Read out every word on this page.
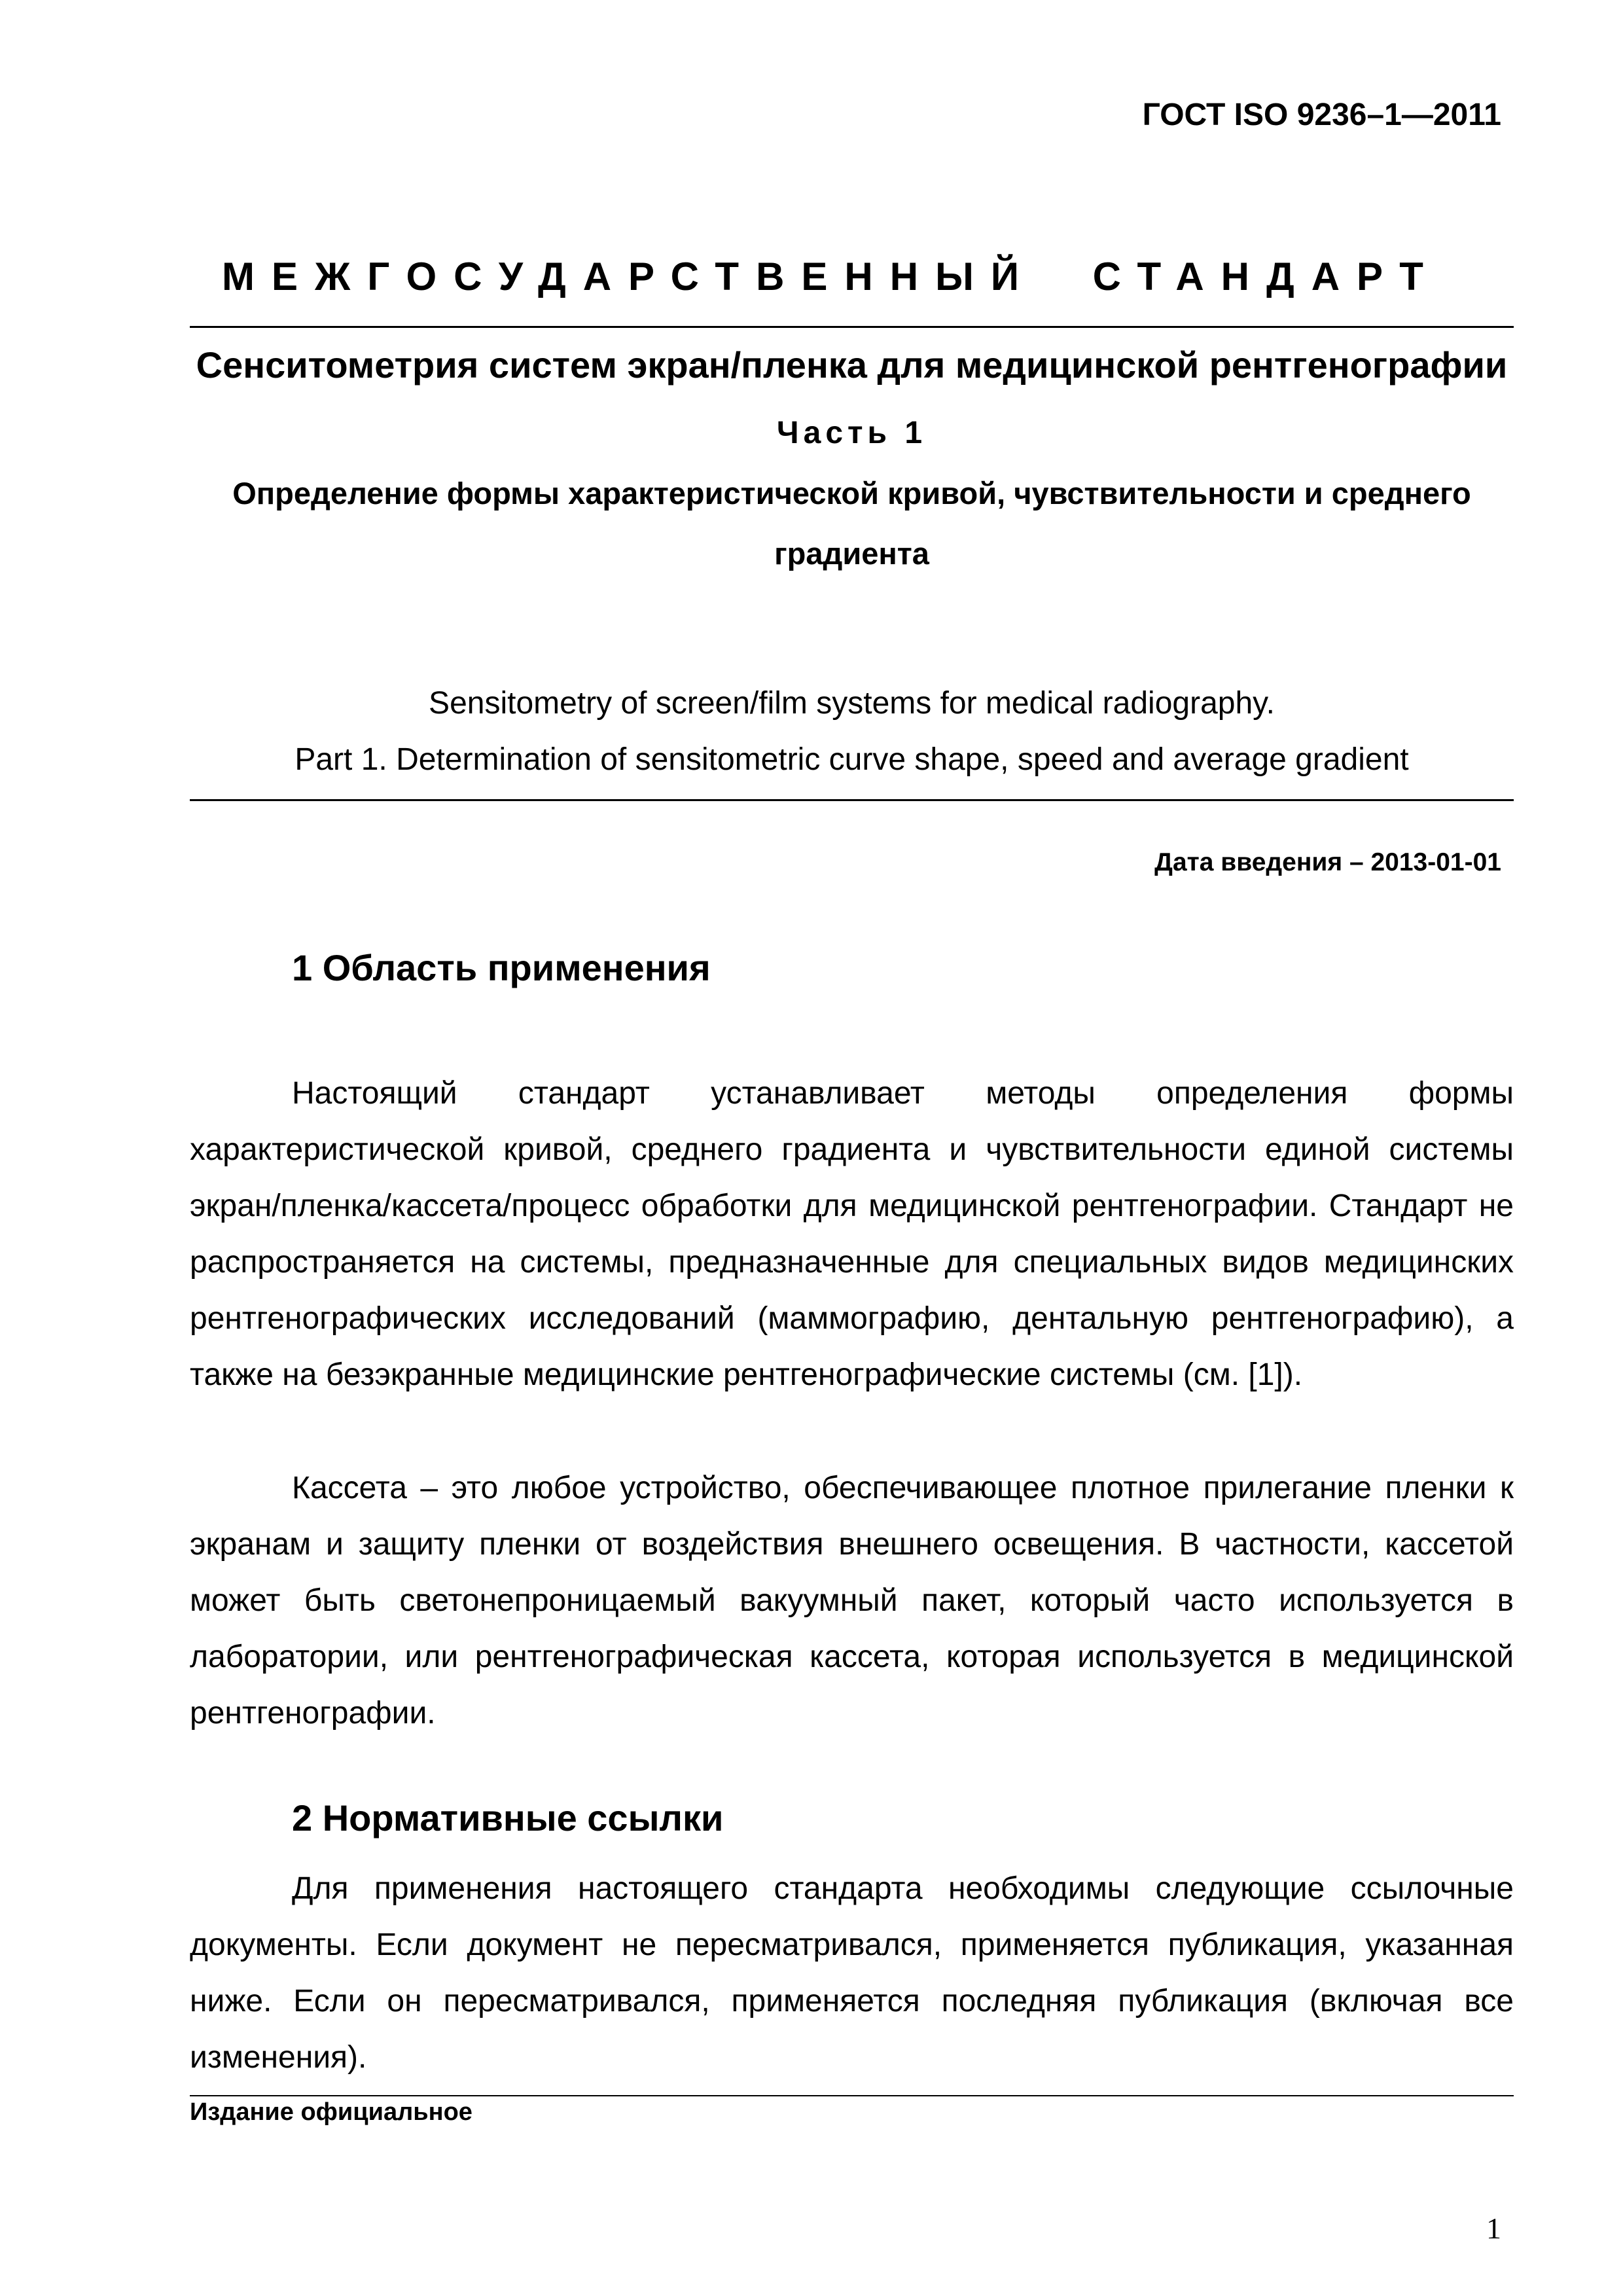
ГОСТ ISO 9236–1—2011
МЕЖГОСУДАРСТВЕННЫЙ СТАНДАРТ

Сенситометрия систем экран/пленка для медицинской рентгенографии

Часть 1

Определение формы характеристической кривой, чувствительности и среднего градиента

Sensitometry of screen/film systems for medical radiography.
Part 1. Determination of sensitometric curve shape, speed and average gradient
Дата введения – 2013-01-01
1 Область применения
Настоящий стандарт устанавливает методы определения формы характеристической кривой, среднего градиента и чувствительности единой системы экран/пленка/кассета/процесс обработки для медицинской рентгенографии. Стандарт не распространяется на системы, предназначенные для специальных видов медицинских рентгенографических исследований (маммографию, дентальную рентгенографию), а также на безэкранные медицинские рентгенографические системы (см. [1]).
Кассета – это любое устройство, обеспечивающее плотное прилегание пленки к экранам и защиту пленки от воздействия внешнего освещения. В частности, кассетой может быть светонепроницаемый вакуумный пакет, который часто используется в лаборатории, или рентгенографическая кассета, которая используется в медицинской рентгенографии.
2 Нормативные ссылки
Для применения настоящего стандарта необходимы следующие ссылочные документы. Если документ не пересматривался, применяется публикация, указанная ниже. Если он пересматривался, применяется последняя публикация (включая все изменения).
Издание официальное
1
